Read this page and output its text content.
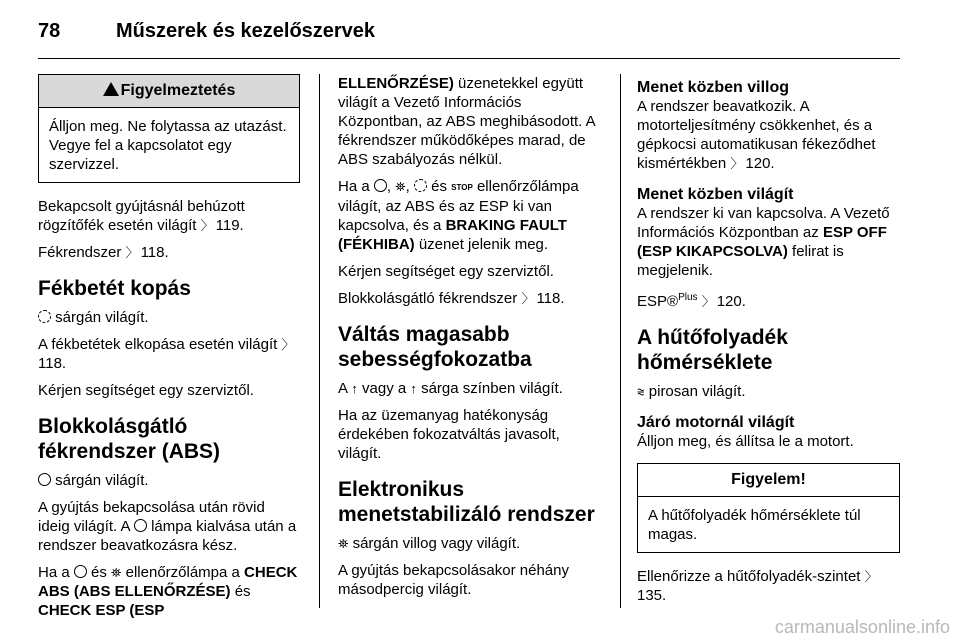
78	Műszerek és kezelőszervek
Figyelmeztetés
Álljon meg. Ne folytassa az utazást. Vegye fel a kapcsolatot egy szervizzel.

Bekapcsolt gyújtásnál behúzott rögzítőfék esetén világít 〉 119.

Fékrendszer 〉 118.

Fékbetét kopás

sárgán világít.

A fékbetétek elkopása esetén világít 〉118.

Kérjen segítséget egy szerviztől.

Blokkolásgátló fékrendszer (ABS)

sárgán világít.

A gyújtás bekapcsolása után rövid ideig világít. A lámpa kialvása után a rendszer beavatkozásra kész.

Ha a és ⛯ ellenőrzőlámpa a CHECK ABS (ABS ELLENŐRZÉSE) és CHECK ESP (ESP

ELLENŐRZÉSE) üzenetekkel együtt világít a Vezető Információs Központban, az ABS meghibásodott. A fékrendszer működőképes marad, de ABS szabályozás nélkül.

Ha a , ⛯,  és STOP ellenőrzőlámpa világít, az ABS és az ESP ki van kapcsolva, és a BRAKING FAULT (FÉKHIBA) üzenet jelenik meg.

Kérjen segítséget egy szerviztől.

Blokkolásgátló fékrendszer 〉 118.

Váltás magasabb sebességfokozatba

A ↑ vagy a ↑ sárga színben világít.

Ha az üzemanyag hatékonyság érdekében fokozatváltás javasolt, világít.

Elektronikus menetstabilizáló rendszer

⛯ sárgán villog vagy világít.

A gyújtás bekapcsolásakor néhány másodpercig világít.

Menet közben villog

A rendszer beavatkozik. A motorteljesítmény csökkenhet, és a gépkocsi automatikusan fékeződhet kismértékben 〉 120.

Menet közben világít

A rendszer ki van kapcsolva. A Vezető Információs Központban az ESP OFF (ESP KIKAPCSOLVA) felirat is megjelenik.

ESP®$^{Plus}$ 〉 120.

A hűtőfolyadék hőmérséklete

⩬ pirosan világít.

Járó motornál világít

Álljon meg, és állítsa le a motort.

Figyelem!
A hűtőfolyadék hőmérséklete túl magas.

Ellenőrizze a hűtőfolyadék-szintet 〉135.

carmanualsonline.info
